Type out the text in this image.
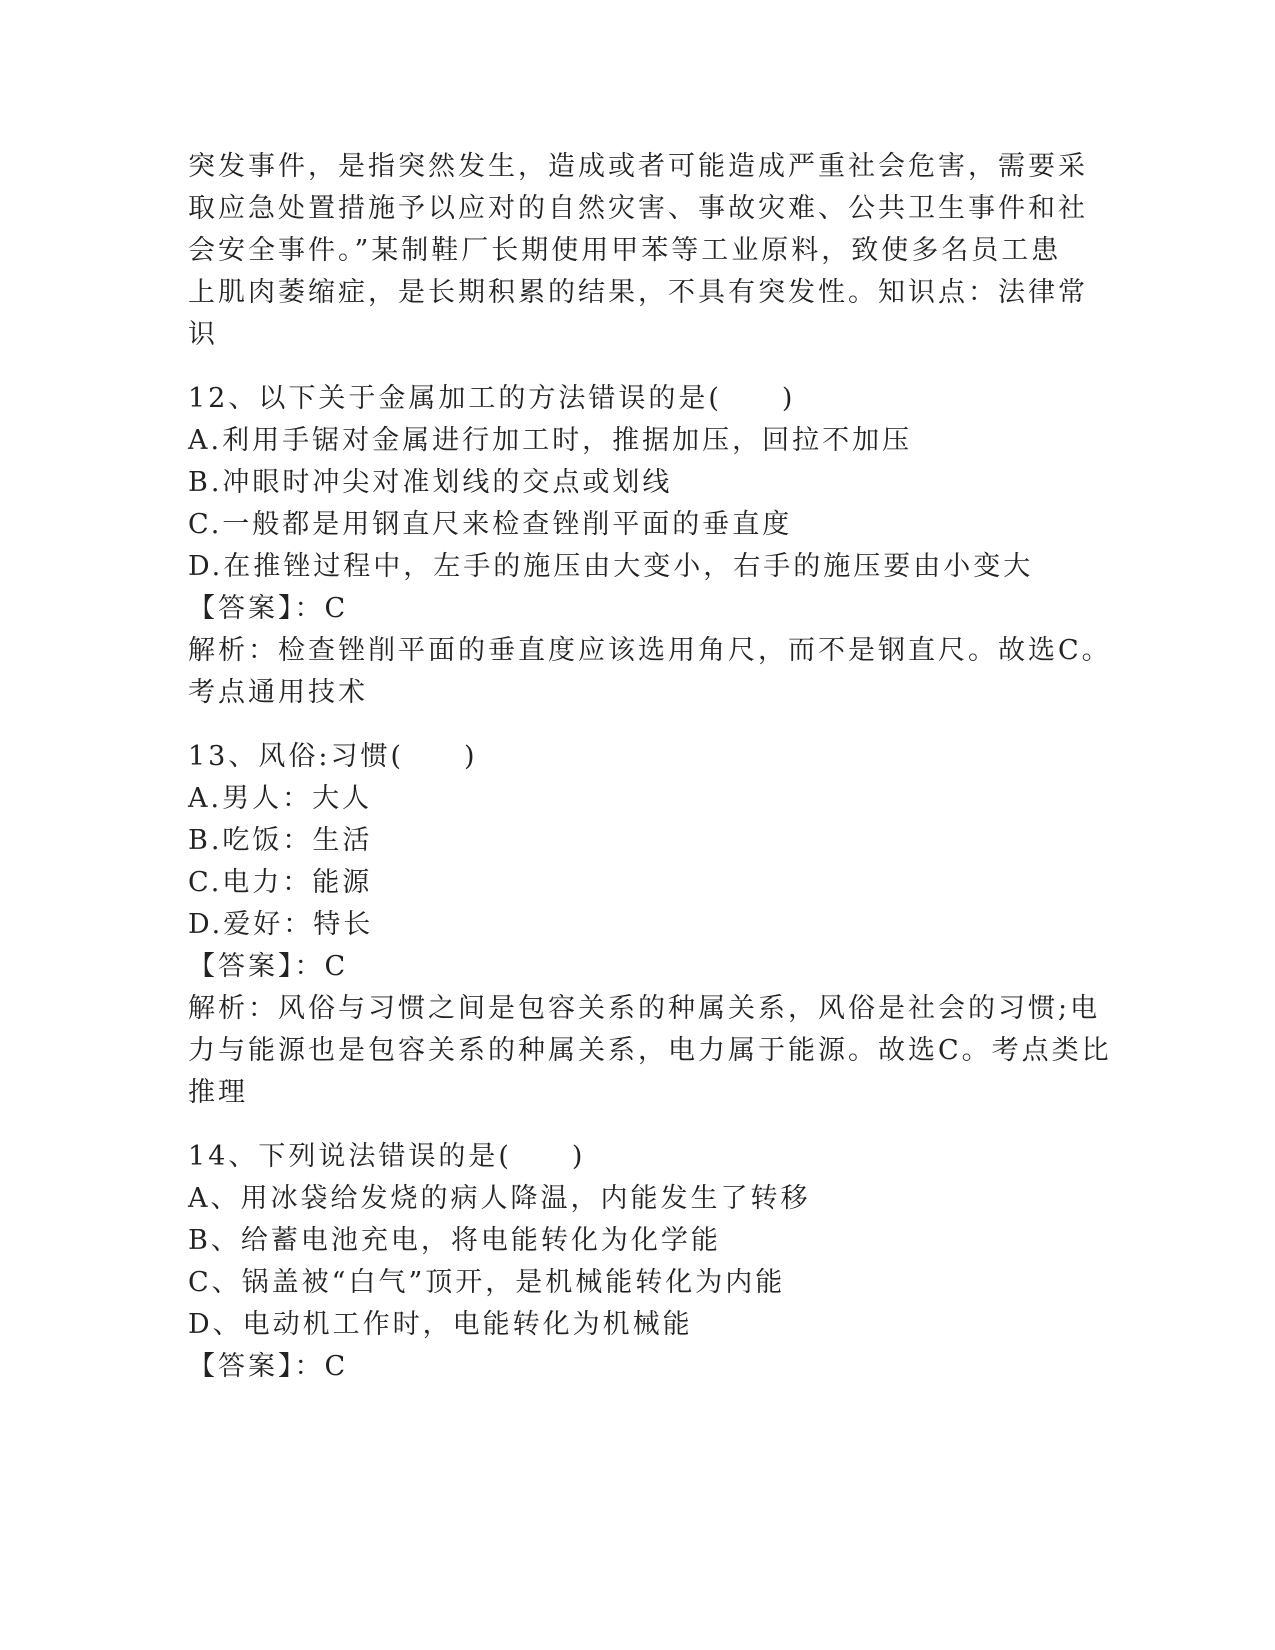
突发事件，是指突然发生，造成或者可能造成严重社会危害，需要采
取应急处置措施予以应对的自然灾害、事故灾难、公共卫生事件和社
会安全事件。”某制鞋厂长期使用甲苯等工业原料，致使多名员工患
上肌肉萎缩症，是长期积累的结果，不具有突发性。知识点：法律常
识
12、以下关于金属加工的方法错误的是(　　)
A.利用手锯对金属进行加工时，推据加压，回拉不加压
B.冲眼时冲尖对准划线的交点或划线
C.一般都是用钢直尺来检查锉削平面的垂直度
D.在推锉过程中，左手的施压由大变小，右手的施压要由小变大
【答案】：C
解析：检查锉削平面的垂直度应该选用角尺，而不是钢直尺。故选C。
考点通用技术
13、风俗:习惯(　　)
A.男人：大人
B.吃饭：生活
C.电力：能源
D.爱好：特长
【答案】：C
解析：风俗与习惯之间是包容关系的种属关系，风俗是社会的习惯;电
力与能源也是包容关系的种属关系，电力属于能源。故选C。考点类比
推理
14、下列说法错误的是(　　)
A、用冰袋给发烧的病人降温，内能发生了转移
B、给蓄电池充电，将电能转化为化学能
C、锅盖被“白气”顶开，是机械能转化为内能
D、电动机工作时，电能转化为机械能
【答案】：C
